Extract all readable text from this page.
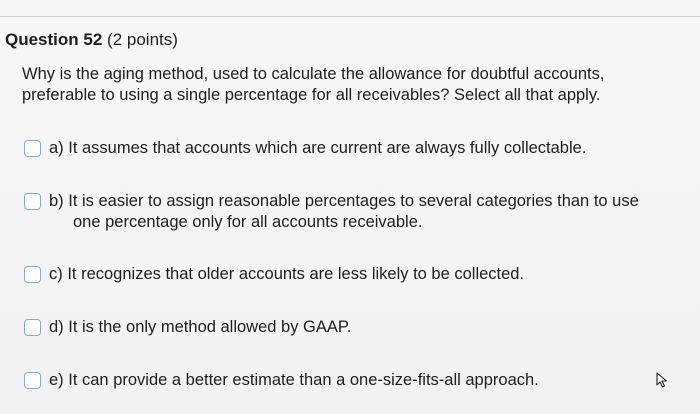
Question 52 (2 points)
Why is the aging method, used to calculate the allowance for doubtful accounts,
preferable to using a single percentage for all receivables? Select all that apply.
a) It assumes that accounts which are current are always fully collectable.
b) It is easier to assign reasonable percentages to several categories than to use
one percentage only for all accounts receivable.
c) It recognizes that older accounts are less likely to be collected.
d) It is the only method allowed by GAAP.
e) It can provide a better estimate than a one-size-fits-all approach.
